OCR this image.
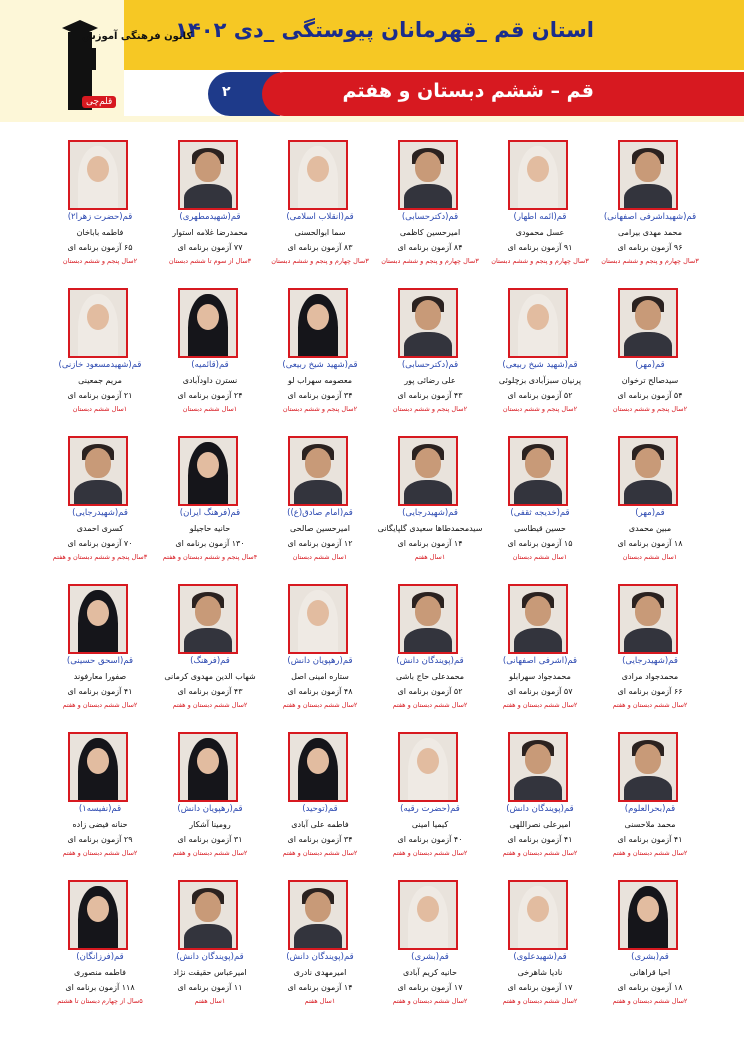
استان قم _قهرمانان پیوستگی _دی ۱۴۰۲
۲	قم – ششم دبستان و هفتم
کانون فرهنگی آموزش
قلم‌چی
قم(شهیداشرفی اصفهانی)
محمد مهدی بیرامی
۹۶ آزمون برنامه ای
۳سال چهارم و پنجم و ششم دبستان
قم(ائمه اطهار)
عسل محمودی
۹۱ آزمون برنامه ای
۳سال چهارم و پنجم و ششم دبستان
قم(دکترحسابی)
امیرحسین کاظمی
۸۴ آزمون برنامه ای
۳سال چهارم و پنجم و ششم دبستان
قم(انقلاب اسلامی)
سما ابوالحسنی
۸۳ آزمون برنامه ای
۳سال چهارم و پنجم و ششم دبستان
قم(شهیدمطهری)
محمدرضا غلامه استوار
۷۷ آزمون برنامه ای
۳سال از سوم تا ششم دبستان
قم(حضرت زهرا۲)
فاطمه باباخان
۶۵ آزمون برنامه ای
۲سال پنجم و ششم دبستان
قم(مهر)
سیدصالح ترخوان
۵۴ آزمون برنامه ای
۲سال پنجم و ششم دبستان
قم(شهید شیخ ربیعی)
پرنیان سبزآبادی بزچلوئی
۵۲ آزمون برنامه ای
۲سال پنجم و ششم دبستان
قم(دکترحسابی)
علی رضائی پور
۴۳ آزمون برنامه ای
۲سال پنجم و ششم دبستان
قم(شهید شیخ ربیعی)
معصومه سهراب لو
۳۴ آزمون برنامه ای
۲سال پنجم و ششم دبستان
قم(قائمیه)
نسترن داودآبادی
۲۴ آزمون برنامه ای
۱سال ششم دبستان
قم(شهیدمسعود خازنی)
مریم جمعینی
۲۱ آزمون برنامه ای
۱سال ششم دبستان
قم(مهر)
مبین محمدی
۱۸ آزمون برنامه ای
۱سال ششم دبستان
قم(خدیجه ثقفی)
حسین قیطاسی
۱۵ آزمون برنامه ای
۱سال ششم دبستان
قم(شهیدرجایی)
سیدمحمدطاها سعیدی گلپایگانی
۱۴ آزمون برنامه ای
۱سال هفتم
قم(امام صادق(ع))
امیرحسین صالحی
۱۲ آزمون برنامه ای
۱سال ششم دبستان
قم(فرهنگ ایران)
حانیه حاجیلو
۱۳۰ آزمون برنامه ای
۴سال پنجم و ششم دبستان و هفتم
قم(شهیدرجایی)
کسری احمدی
۷۰ آزمون برنامه ای
۳سال پنجم و ششم دبستان و هفتم
قم(شهیدرجایی)
محمدجواد مرادی
۶۶ آزمون برنامه ای
۲سال ششم دبستان و هفتم
قم(اشرفی اصفهانی)
محمدجواد سهرابلو
۵۷ آزمون برنامه ای
۲سال ششم دبستان و هفتم
قم(پویندگان دانش)
محمدعلی حاج باشی
۵۲ آزمون برنامه ای
۲سال ششم دبستان و هفتم
قم(رهپویان دانش)
ستاره امینی اصل
۴۸ آزمون برنامه ای
۲سال ششم دبستان و هفتم
قم(فرهنگ)
شهاب الدین مهدوی کرمانی
۴۳ آزمون برنامه ای
۲سال ششم دبستان و هفتم
قم(اسحق حسینی)
صفورا معارفوند
۴۱ آزمون برنامه ای
۲سال ششم دبستان و هفتم
قم(بحرالعلوم)
محمد ملاحسنی
۴۱ آزمون برنامه ای
۲سال ششم دبستان و هفتم
قم(پویندگان دانش)
امیرعلی نصراللهی
۴۱ آزمون برنامه ای
۲سال ششم دبستان و هفتم
قم(حضرت رقیه)
کیمیا امینی
۴۰ آزمون برنامه ای
۲سال ششم دبستان و هفتم
قم(توحید)
فاطمه علی آبادی
۳۴ آزمون برنامه ای
۲سال ششم دبستان و هفتم
قم(رهپویان دانش)
رومینا آشکار
۳۱ آزمون برنامه ای
۲سال ششم دبستان و هفتم
قم(نفیسه۱)
حنانه فیضی زاده
۲۹ آزمون برنامه ای
۲سال ششم دبستان و هفتم
قم(بشری)
احیا قراهانی
۱۸ آزمون برنامه ای
۲سال ششم دبستان و هفتم
قم(شهیدعلوی)
نادیا شاهرخی
۱۷ آزمون برنامه ای
۲سال ششم دبستان و هفتم
قم(بشری)
حانیه کریم آبادی
۱۷ آزمون برنامه ای
۲سال ششم دبستان و هفتم
قم(پویندگان دانش)
امیرمهدی نادری
۱۴ آزمون برنامه ای
۱سال هفتم
قم(پویندگان دانش)
امیرعباس حقیقت نژاد
۱۱ آزمون برنامه ای
۱سال هفتم
قم(فرزانگان)
فاطمه منصوری
۱۱۸ آزمون برنامه ای
۵سال از چهارم دبستان تا هشتم
